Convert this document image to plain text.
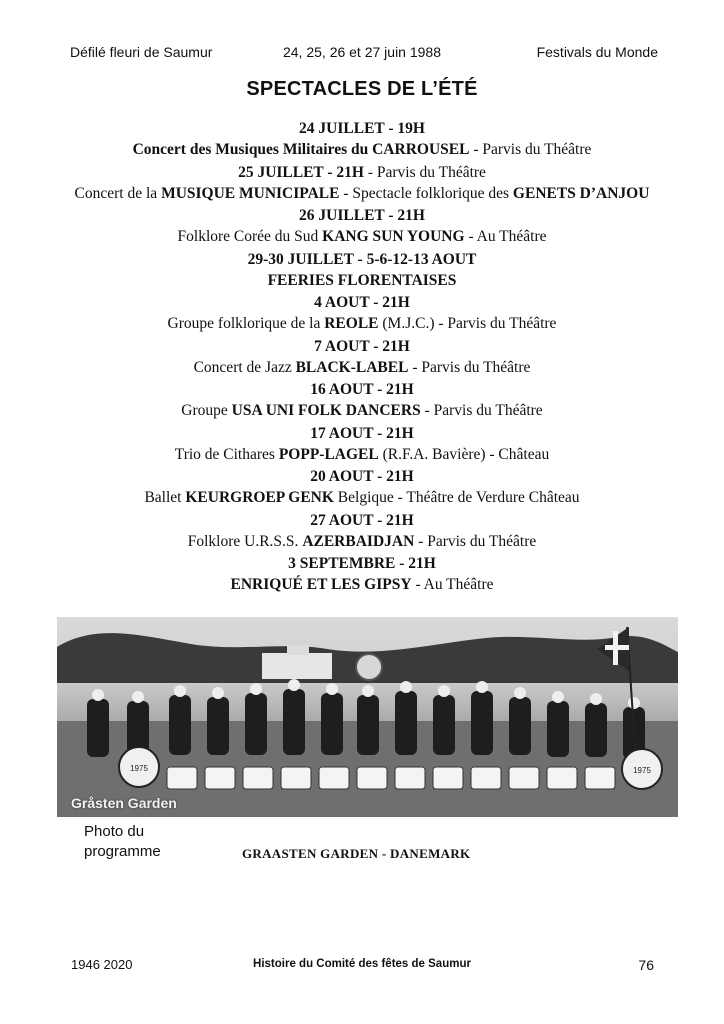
Défilé fleuri de Saumur	24, 25, 26 et 27 juin 1988	Festivals du Monde
SPECTACLES DE L’ÉTÉ
24 JUILLET - 19H
Concert des Musiques Militaires du CARROUSEL - Parvis du Théâtre
25 JUILLET - 21H - Parvis du Théâtre
Concert de la MUSIQUE MUNICIPALE - Spectacle folklorique des GENETS D’ANJOU
26 JUILLET - 21H
Folklore Corée du Sud KANG SUN YOUNG - Au Théâtre
29-30 JUILLET - 5-6-12-13 AOUT
FEERIES FLORENTAISES
4 AOUT - 21H
Groupe folklorique de la REOLE (M.J.C.) - Parvis du Théâtre
7 AOUT - 21H
Concert de Jazz BLACK-LABEL - Parvis du Théâtre
16 AOUT - 21H
Groupe USA UNI FOLK DANCERS - Parvis du Théâtre
17 AOUT - 21H
Trio de Cithares POPP-LAGEL (R.F.A. Bavière) - Château
20 AOUT - 21H
Ballet KEURGROEP GENK Belgique - Théâtre de Verdure Château
27 AOUT - 21H
Folklore U.R.S.S. AZERBAIDJAN - Parvis du Théâtre
3 SEPTEMBRE - 21H
ENRIQUÉ ET LES GIPSY - Au Théâtre
1975	1975
Gråsten Garden
Photo du programme	GRAASTEN GARDEN - DANEMARK
1946 2020	Histoire du Comité des fêtes de Saumur	76
